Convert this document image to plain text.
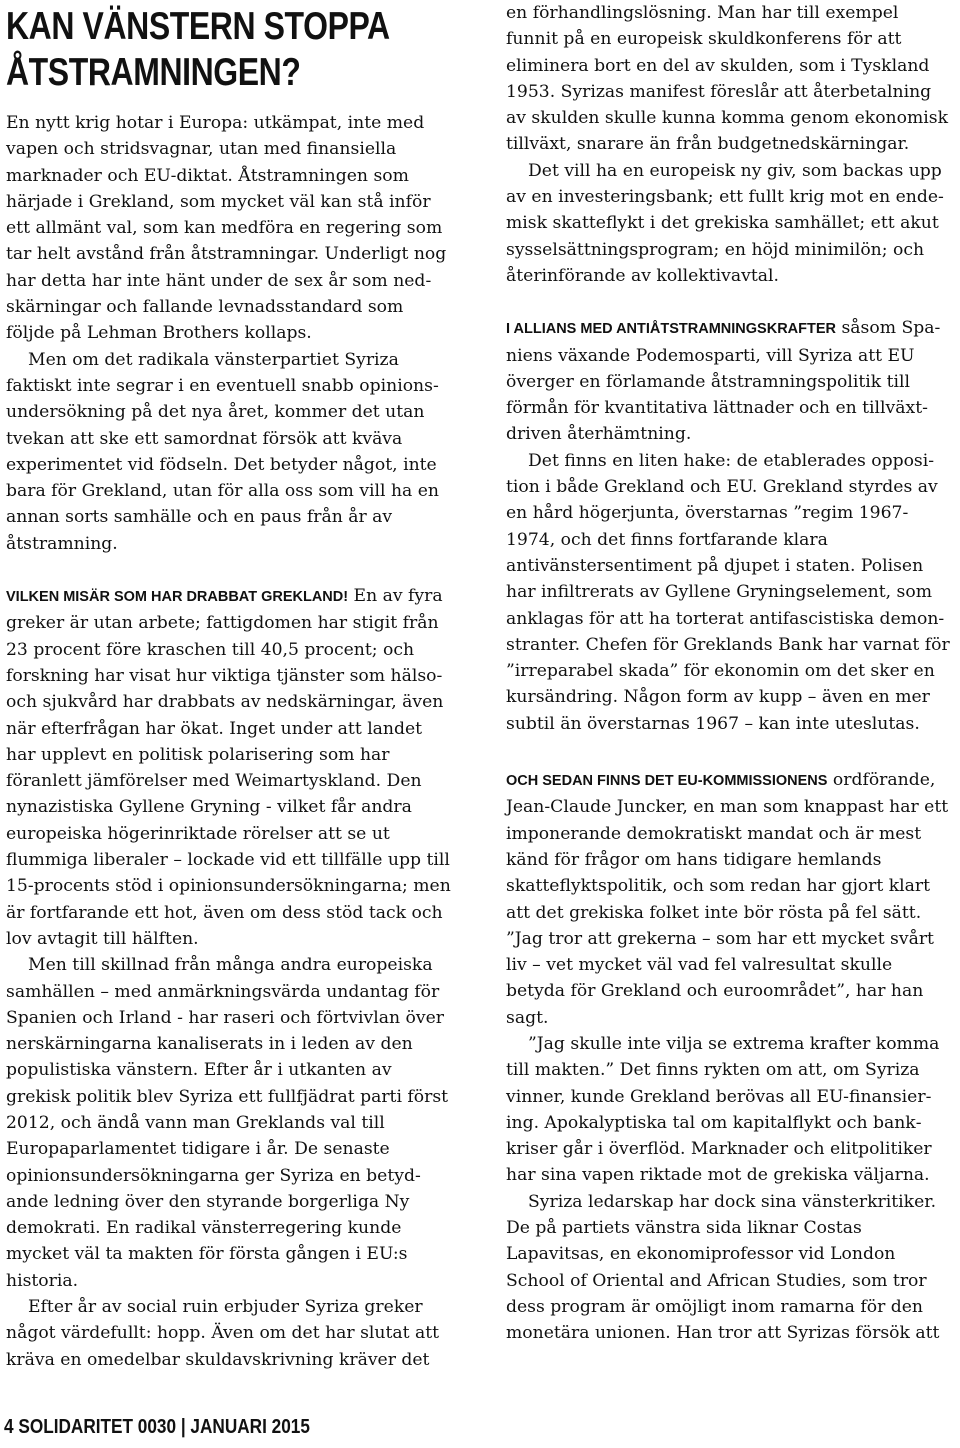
KAN VÄNSTERN STOPPA
ÅTSTRAMNINGEN?

En nytt krig hotar i Europa: utkämpat, inte med vapen och stridsvagnar, utan med finansiella marknader och EU-diktat. Åtstramningen som härjade i Grekland, som mycket väl kan stå inför ett allmänt val, som kan medföra en regering som tar helt avstånd från åtstramningar. Underligt nog har detta har inte hänt under de sex år som nedskärningar och fallande levnadsstandard som följde på Lehman Brothers kollaps.

Men om det radikala vänsterpartiet Syriza faktiskt inte segrar i en eventuell snabb opinionsundersökning på det nya året, kommer det utan tvekan att ske ett samordnat försök att kväva experimentet vid födseln. Det betyder något, inte bara för Grekland, utan för alla oss som vill ha en annan sorts samhälle och en paus från år av åtstramning.

VILKEN MISÄR SOM HAR DRABBAT GREKLAND! En av fyra greker är utan arbete; fattigdomen har stigit från 23 procent före kraschen till 40,5 procent; och forskning har visat hur viktiga tjänster som hälso- och sjukvård har drabbats av nedskärningar, även när efterfrågan har ökat. Inget under att landet har upplevt en politisk polarisering som har föranlett jämförelser med Weimartyskland. Den nynazistiska Gyllene Gryning - vilket får andra europeiska högerinriktade rörelser att se ut flummiga liberaler – lockade vid ett tillfälle upp till 15-procents stöd i opinionsundersökningarna; men är fortfarande ett hot, även om dess stöd tack och lov avtagit till hälften.

Men till skillnad från många andra europeiska samhällen – med anmärkningsvärda undantag för Spanien och Irland - har raseri och förtvivlan över nerskärningarna kanaliserats in i leden av den populistiska vänstern. Efter år i utkanten av grekisk politik blev Syriza ett fullfjädrat parti först 2012, och ändå vann man Greklands val till Europaparlamentet tidigare i år. De senaste opinionsundersökningarna ger Syriza en betydande ledning över den styrande borgerliga Ny demokrati. En radikal vänsterregering kunde mycket väl ta makten för första gången i EU:s historia.

Efter år av social ruin erbjuder Syriza greker något värdefullt: hopp. Även om det har slutat att kräva en omedelbar skuldavskrivning kräver det

en förhandlingslösning. Man har till exempel funnit på en europeisk skuldkonferens för att eliminera bort en del av skulden, som i Tyskland 1953. Syrizas manifest föreslår att återbetalning av skulden skulle kunna komma genom ekonomisk tillväxt, snarare än från budgetnedskärningar.

Det vill ha en europeisk ny giv, som backas upp av en investeringsbank; ett fullt krig mot en endemisk skatteflykt i det grekiska samhället; ett akut sysselsättningsprogram; en höjd minimilön; och återinförande av kollektivavtal.

I ALLIANS MED ANTIÅTSTRAMNINGSKRAFTER såsom Spaniens växande Podemosparti, vill Syriza att EU överger en förlamande åtstramningspolitik till förmån för kvantitativa lättnader och en tillväxtdriven återhämtning.

Det finns en liten hake: de etablerades opposition i både Grekland och EU. Grekland styrdes av en hård högerjunta, överstarnas ”regim 1967-1974, och det finns fortfarande klara antivänstersentiment på djupet i staten. Polisen har infiltrerats av Gyllene Gryningselement, som anklagas för att ha torterat antifascistiska demonstranter. Chefen för Greklands Bank har varnat för ”irreparabel skada” för ekonomin om det sker en kursändring. Någon form av kupp – även en mer subtil än överstarnas 1967 – kan inte uteslutas.

OCH SEDAN FINNS DET EU-KOMMISSIONENS ordförande, Jean-Claude Juncker, en man som knappast har ett imponerande demokratiskt mandat och är mest känd för frågor om hans tidigare hemlands skatteflyktspolitik, och som redan har gjort klart att det grekiska folket inte bör rösta på fel sätt. ”Jag tror att grekerna – som har ett mycket svårt liv – vet mycket väl vad fel valresultat skulle betyda för Grekland och euroområdet”, har han sagt.

”Jag skulle inte vilja se extrema krafter komma till makten.” Det finns rykten om att, om Syriza vinner, kunde Grekland berövas all EU-finansiering. Apokalyptiska tal om kapitalflykt och bankkriser går i överflöd. Marknader och elitpolitiker har sina vapen riktade mot de grekiska väljarna.

Syriza ledarskap har dock sina vänsterkritiker. De på partiets vänstra sida liknar Costas Lapavitsas, en ekonomiprofessor vid London School of Oriental and African Studies, som tror dess program är omöjligt inom ramarna för den monetära unionen. Han tror att Syrizas försök att

4 SOLIDARITET 0030 | JANUARI 2015
